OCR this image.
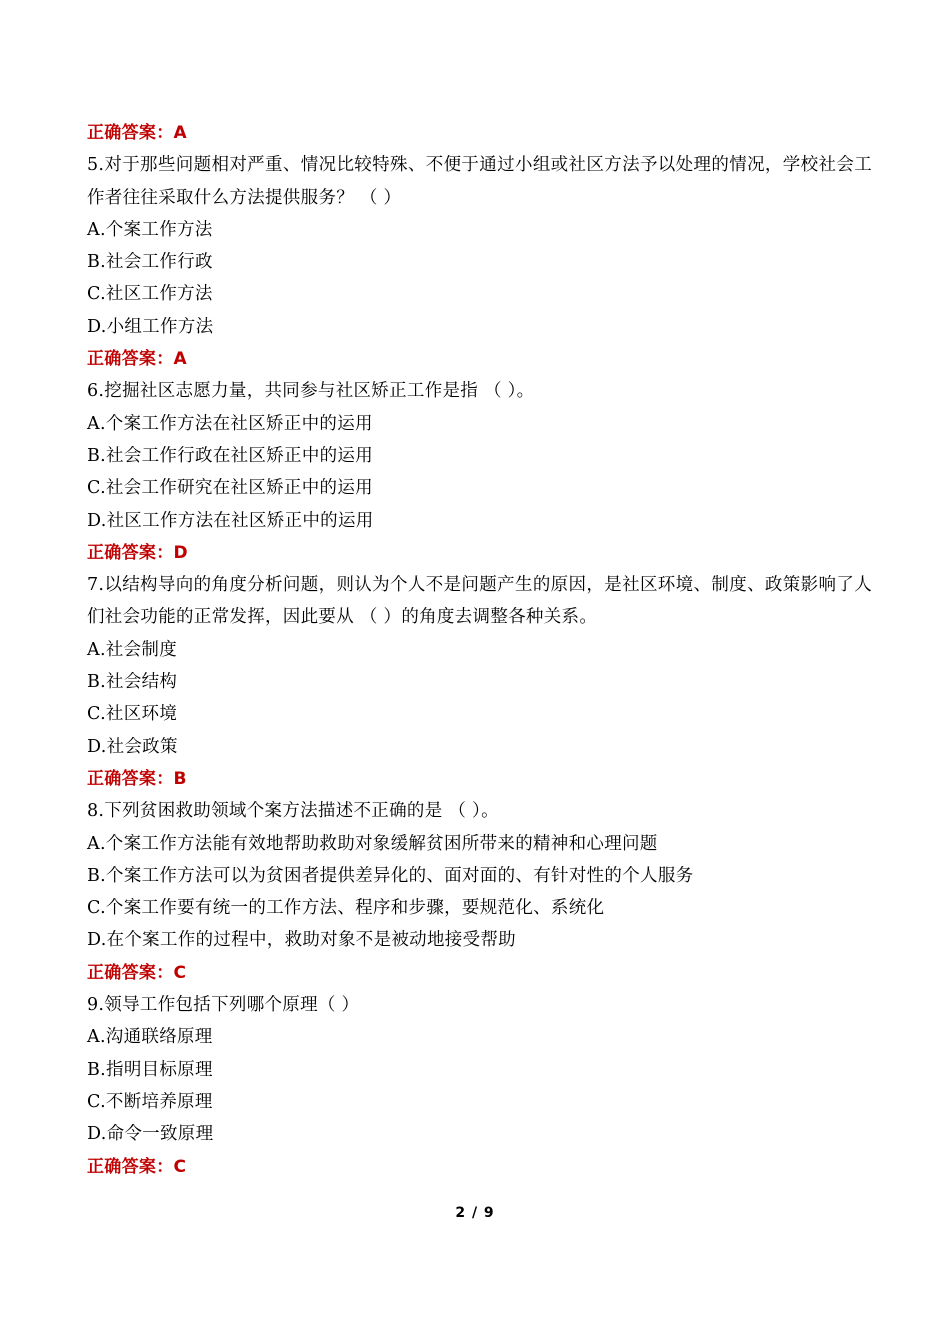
正确答案：A
5.对于那些问题相对严重、情况比较特殊、不便于通过小组或社区方法予以处理的情况，学校社会工作者往往采取什么方法提供服务？ （ ）
A.个案工作方法
B.社会工作行政
C.社区工作方法
D.小组工作方法
正确答案：A
6.挖掘社区志愿力量，共同参与社区矫正工作是指 （ ）。
A.个案工作方法在社区矫正中的运用
B.社会工作行政在社区矫正中的运用
C.社会工作研究在社区矫正中的运用
D.社区工作方法在社区矫正中的运用
正确答案：D
7.以结构导向的角度分析问题，则认为个人不是问题产生的原因，是社区环境、制度、政策影响了人们社会功能的正常发挥，因此要从 （ ）的角度去调整各种关系。
A.社会制度
B.社会结构
C.社区环境
D.社会政策
正确答案：B
8.下列贫困救助领域个案方法描述不正确的是 （ ）。
A.个案工作方法能有效地帮助救助对象缓解贫困所带来的精神和心理问题
B.个案工作方法可以为贫困者提供差异化的、面对面的、有针对性的个人服务
C.个案工作要有统一的工作方法、程序和步骤，要规范化、系统化
D.在个案工作的过程中，救助对象不是被动地接受帮助
正确答案：C
9.领导工作包括下列哪个原理（ ）
A.沟通联络原理
B.指明目标原理
C.不断培养原理
D.命令一致原理
正确答案：C
2 / 9
